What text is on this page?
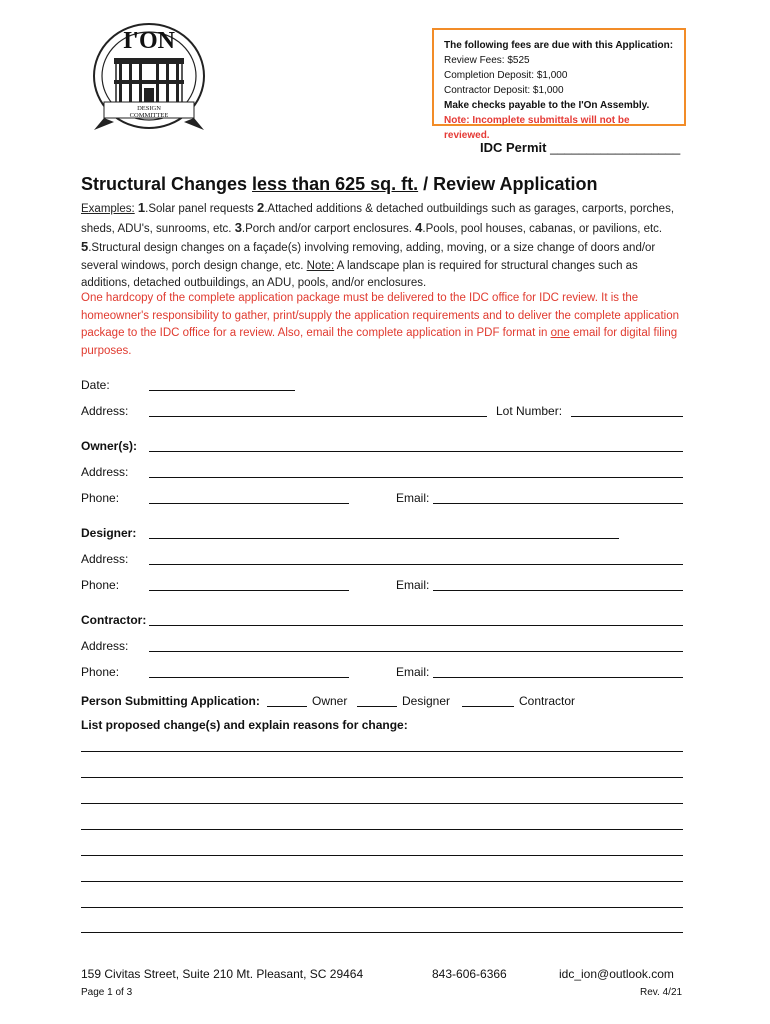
I'ON
DESIGN
COMMITTEE
The following fees are due with this Application:
Review Fees: $525
Completion Deposit: $1,000
Contractor Deposit: $1,000
Make checks payable to the I'On Assembly.
Note: Incomplete submittals will not be reviewed.
IDC Permit __________________
Structural Changes less than 625 sq. ft. / Review Application
Examples: 1.Solar panel requests 2.Attached additions & detached outbuildings such as garages, carports, porches, sheds, ADU's, sunrooms, etc. 3.Porch and/or carport enclosures. 4.Pools, pool houses, cabanas, or pavilions, etc. 5.Structural design changes on a façade(s) involving removing, adding, moving, or a size change of doors and/or several windows, porch design change, etc. Note: A landscape plan is required for structural changes such as additions, detached outbuildings, an ADU, pools, and/or enclosures.
One hardcopy of the complete application package must be delivered to the IDC office for IDC review. It is the homeowner's responsibility to gather, print/supply the application requirements and to deliver the complete application package to the IDC office for a review. Also, email the complete application in PDF format in one email for digital filing purposes.
Date:
Address:	Lot Number:
Owner(s):
Address:
Phone:	Email:
Designer:
Address:
Phone:	Email:
Contractor:
Address:
Phone:	Email:
Person Submitting Application:	Owner	Designer	Contractor
List proposed change(s) and explain reasons for change:
159 Civitas Street, Suite 210 Mt. Pleasant, SC 29464	843-606-6366	idc_ion@outlook.com
Page 1 of 3	Rev. 4/21
